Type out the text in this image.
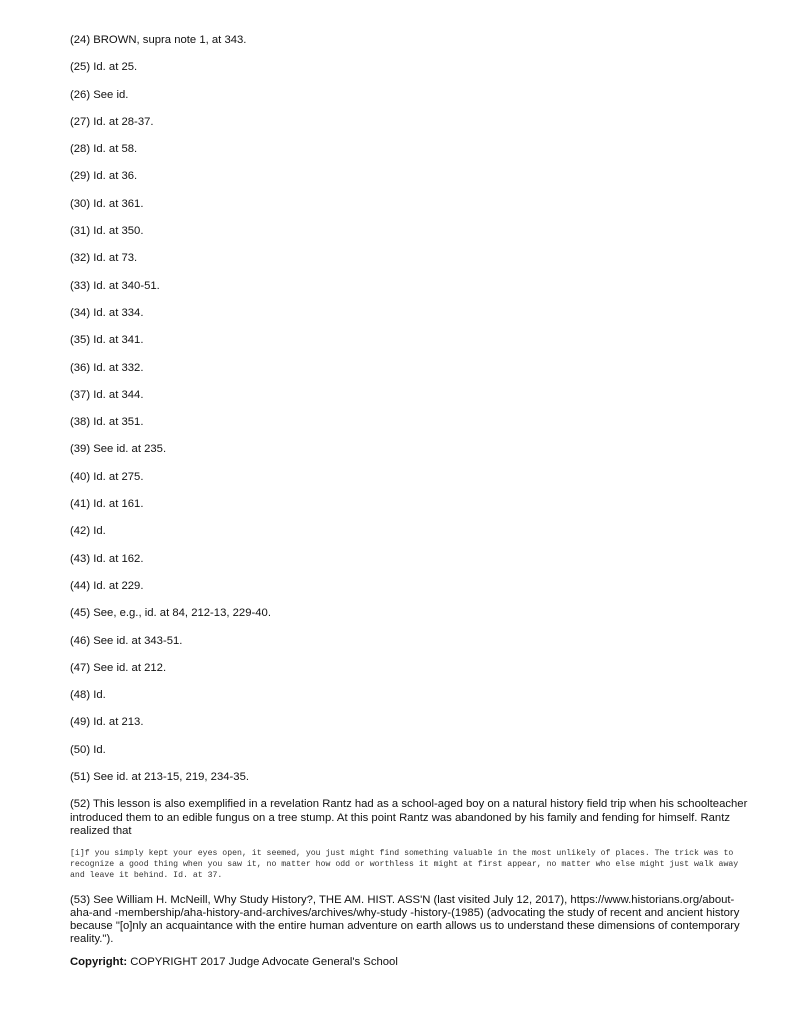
(24) BROWN, supra note 1, at 343.

(25) Id. at 25.

(26) See id.

(27) Id. at 28-37.

(28) Id. at 58.

(29) Id. at 36.

(30) Id. at 361.

(31) Id. at 350.

(32) Id. at 73.

(33) Id. at 340-51.

(34) Id. at 334.

(35) Id. at 341.

(36) Id. at 332.

(37) Id. at 344.

(38) Id. at 351.

(39) See id. at 235.

(40) Id. at 275.

(41) Id. at 161.

(42) Id.

(43) Id. at 162.

(44) Id. at 229.

(45) See, e.g., id. at 84, 212-13, 229-40.

(46) See id. at 343-51.

(47) See id. at 212.

(48) Id.

(49) Id. at 213.

(50) Id.

(51) See id. at 213-15, 219, 234-35.

(52) This lesson is also exemplified in a revelation Rantz had as a school-aged boy on a natural history field trip when his schoolteacher introduced them to an edible fungus on a tree stump. At this point Rantz was abandoned by his family and fending for himself. Rantz realized that

[i]f you simply kept your eyes open, it seemed, you just might find something valuable in the most unlikely of places. The trick was to recognize a good thing when you saw it, no matter how odd or worthless it might at first appear, no matter who else might just walk away and leave it behind. Id. at 37.

(53) See William H. McNeill, Why Study History?, THE AM. HIST. ASS'N (last visited July 12, 2017), https://www.historians.org/about-aha-and -membership/aha-history-and-archives/archives/why-study -history-(1985) (advocating the study of recent and ancient history because "[o]nly an acquaintance with the entire human adventure on earth allows us to understand these dimensions of contemporary reality.").

Copyright: COPYRIGHT 2017 Judge Advocate General's School
